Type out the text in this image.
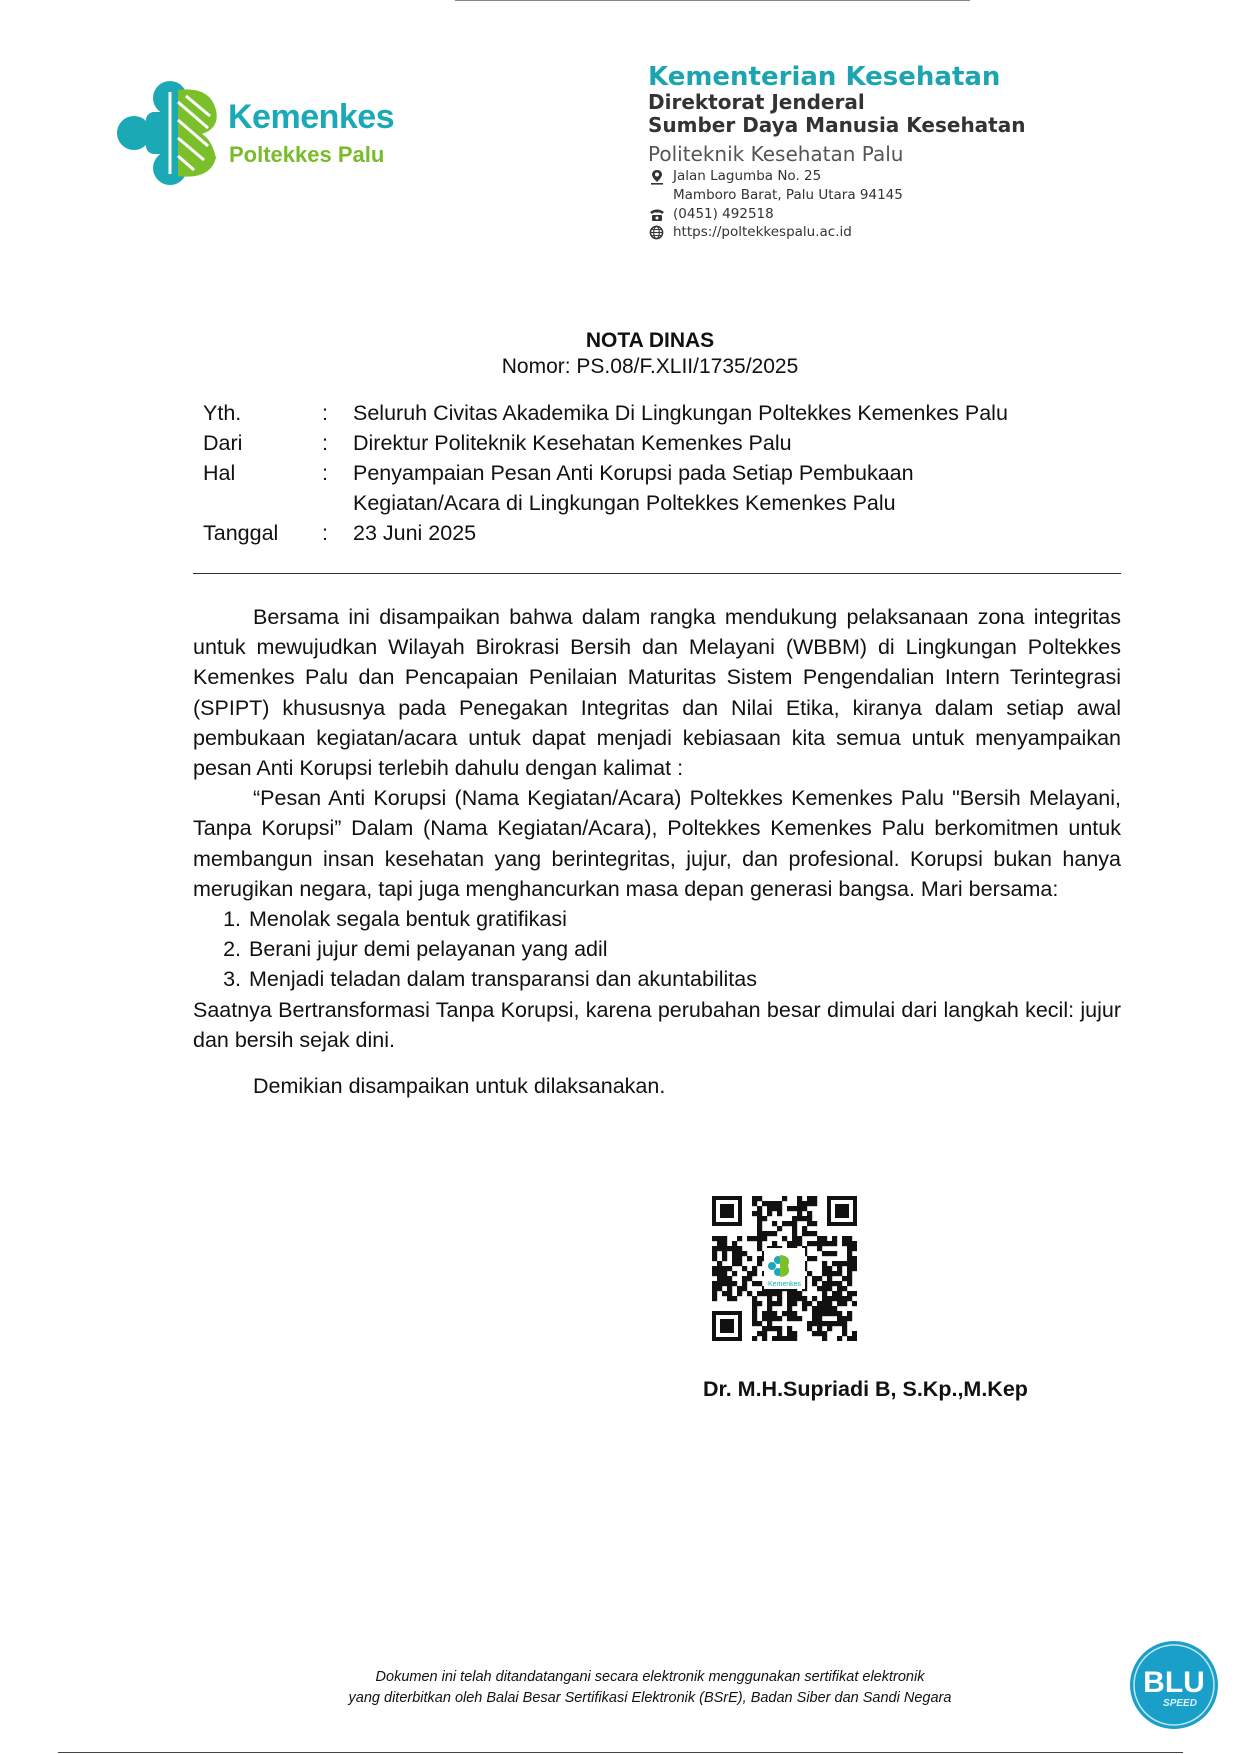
Kemenkes
Poltekkes Palu
Kementerian Kesehatan
Direktorat Jenderal
Sumber Daya Manusia Kesehatan
Politeknik Kesehatan Palu
Jalan Lagumba No. 25
Mamboro Barat, Palu Utara 94145
(0451) 492518
https://poltekkespalu.ac.id
NOTA DINAS
Nomor: PS.08/F.XLII/1735/2025
Yth.	: Seluruh Civitas Akademika Di Lingkungan Poltekkes Kemenkes Palu
Dari	: Direktur Politeknik Kesehatan Kemenkes Palu
Hal	: Penyampaian Pesan Anti Korupsi pada Setiap Pembukaan
Kegiatan/Acara di Lingkungan Poltekkes Kemenkes Palu
Tanggal : 23 Juni 2025

Bersama ini disampaikan bahwa dalam rangka mendukung pelaksanaan zona integritas untuk mewujudkan Wilayah Birokrasi Bersih dan Melayani (WBBM) di Lingkungan Poltekkes Kemenkes Palu dan Pencapaian Penilaian Maturitas Sistem Pengendalian Intern Terintegrasi (SPIPT) khususnya pada Penegakan Integritas dan Nilai Etika, kiranya dalam setiap awal pembukaan kegiatan/acara untuk dapat menjadi kebiasaan kita semua untuk menyampaikan pesan Anti Korupsi terlebih dahulu dengan kalimat :

“Pesan Anti Korupsi (Nama Kegiatan/Acara) Poltekkes Kemenkes Palu "Bersih Melayani, Tanpa Korupsi” Dalam (Nama Kegiatan/Acara), Poltekkes Kemenkes Palu berkomitmen untuk membangun insan kesehatan yang berintegritas, jujur, dan profesional. Korupsi bukan hanya merugikan negara, tapi juga menghancurkan masa depan generasi bangsa. Mari bersama:

1. Menolak segala bentuk gratifikasi
2. Berani jujur demi pelayanan yang adil
3. Menjadi teladan dalam transparansi dan akuntabilitas

Saatnya Bertransformasi Tanpa Korupsi, karena perubahan besar dimulai dari langkah kecil: jujur dan bersih sejak dini.

Demikian disampaikan untuk dilaksanakan.

Kemenkes
Dr. M.H.Supriadi B, S.Kp.,M.Kep
Dokumen ini telah ditandatangani secara elektronik menggunakan sertifikat elektronik
yang diterbitkan oleh Balai Besar Sertifikasi Elektronik (BSrE), Badan Siber dan Sandi Negara	BLU
SPEED
